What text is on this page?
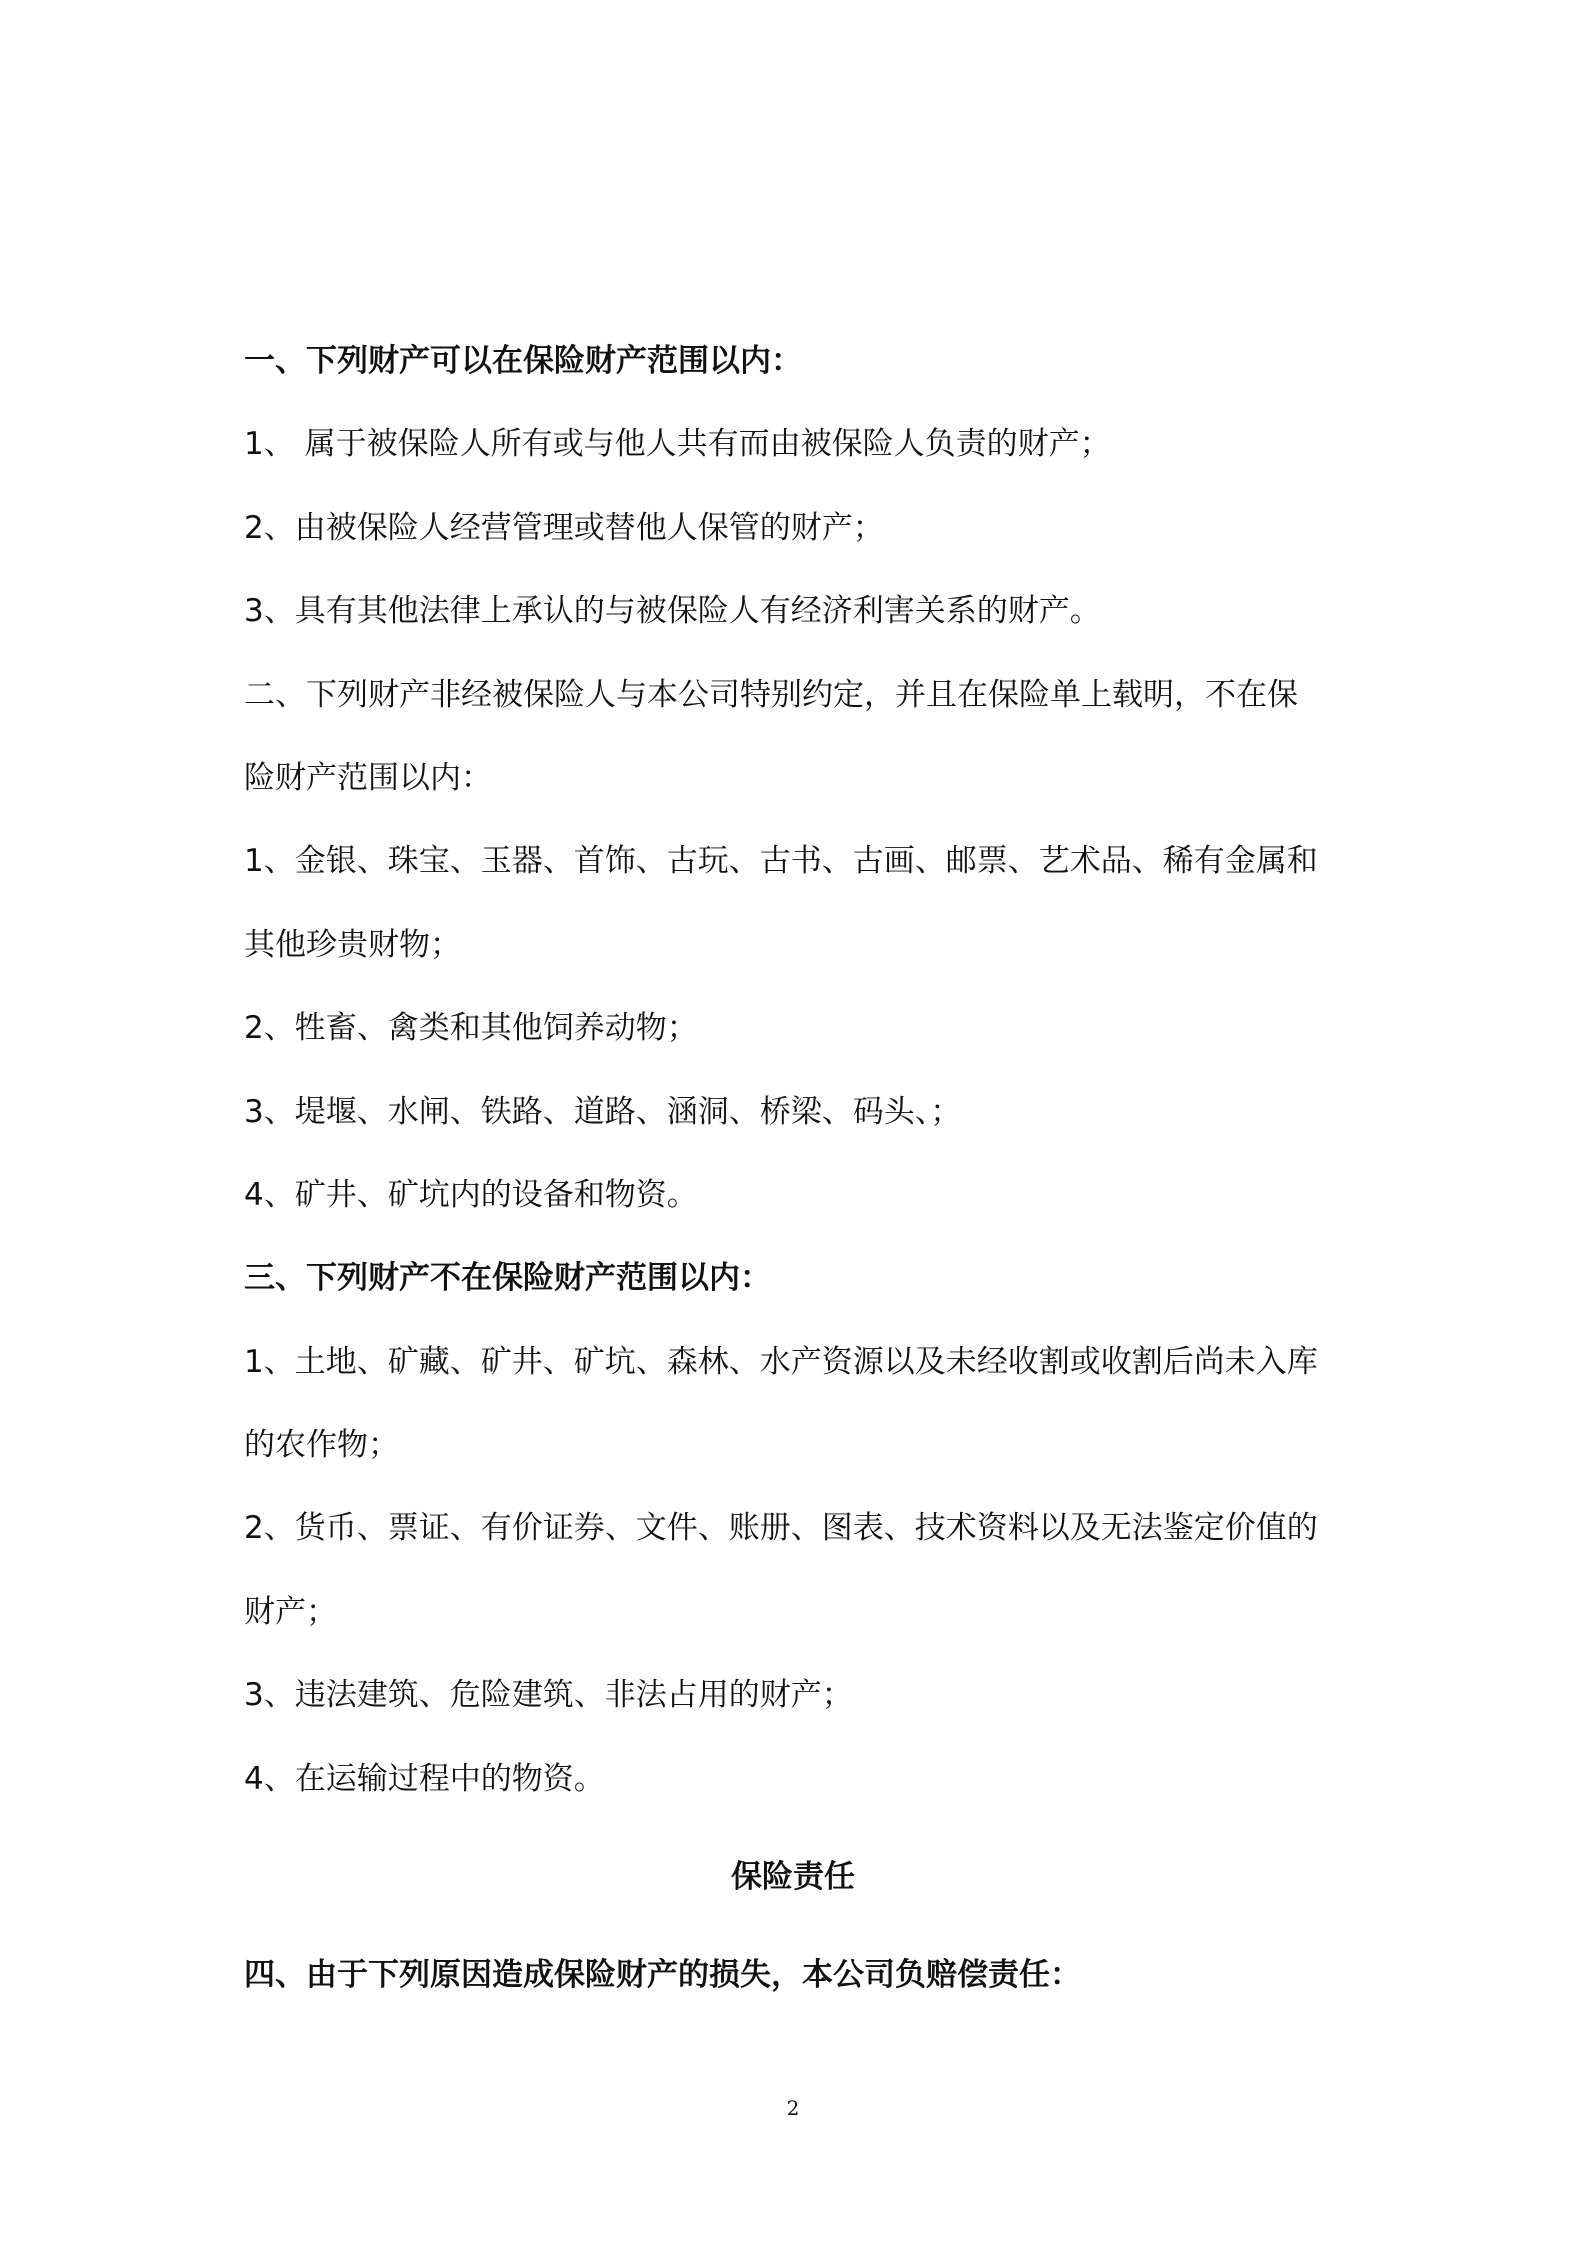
一、下列财产可以在保险财产范围以内：
1、 属于被保险人所有或与他人共有而由被保险人负责的财产；
2、由被保险人经营管理或替他人保管的财产；
3、具有其他法律上承认的与被保险人有经济利害关系的财产。
二、下列财产非经被保险人与本公司特别约定，并且在保险单上载明，不在保
险财产范围以内：
1、金银、珠宝、玉器、首饰、古玩、古书、古画、邮票、艺术品、稀有金属和
其他珍贵财物；
2、牲畜、禽类和其他饲养动物；
3、堤堰、水闸、铁路、道路、涵洞、桥梁、码头、；
4、矿井、矿坑内的设备和物资。
三、下列财产不在保险财产范围以内：
1、土地、矿藏、矿井、矿坑、森林、水产资源以及未经收割或收割后尚未入库
的农作物；
2、货币、票证、有价证券、文件、账册、图表、技术资料以及无法鉴定价值的
财产；
3、违法建筑、危险建筑、非法占用的财产；
4、在运输过程中的物资。
保险责任
四、由于下列原因造成保险财产的损失，本公司负赔偿责任：
2
